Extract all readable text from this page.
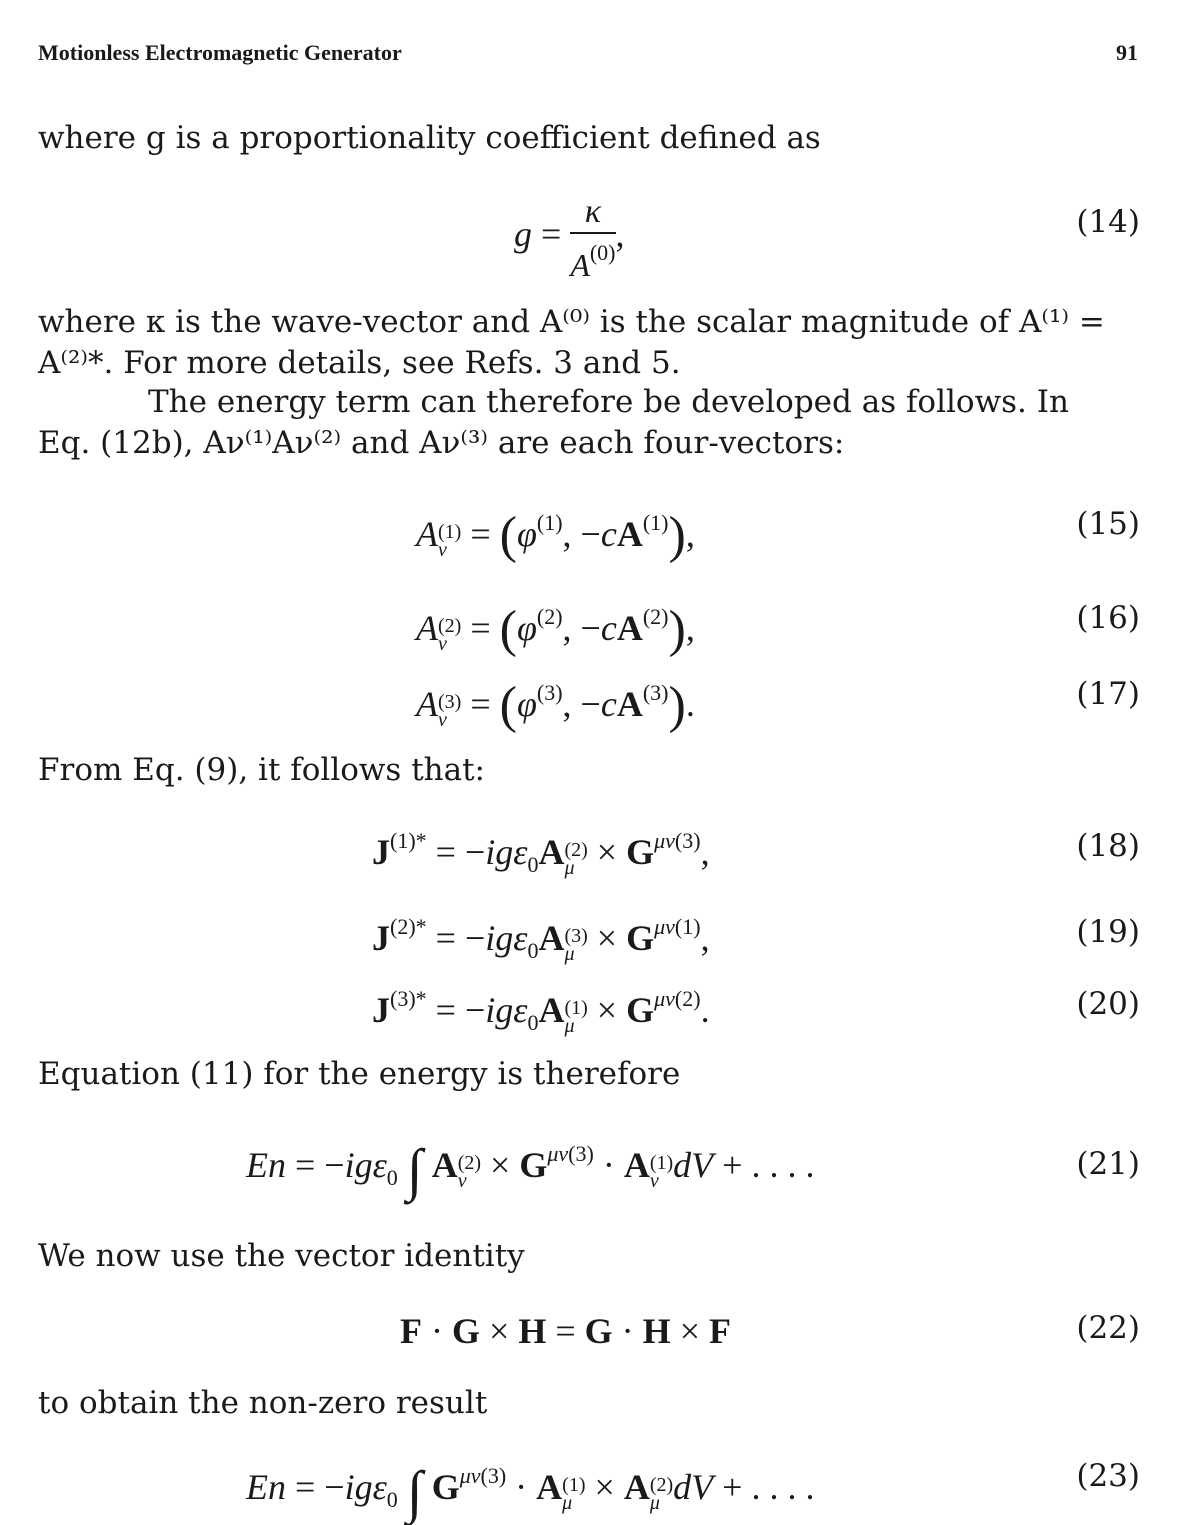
Motionless Electromagnetic Generator	91
where g is a proportionality coefficient defined as
$g = \frac{\kappa}{A^{(0)}}$ ,	(14)
where κ is the wave-vector and A⁽⁰⁾ is the scalar magnitude of A⁽¹⁾ =
A⁽²⁾*. For more details, see Refs. 3 and 5.
The energy term can therefore be developed as follows. In
Eq. (12b), Aν⁽¹⁾Aν⁽²⁾ and Aν⁽³⁾ are each four-vectors:
A (1)
$\nu = (\varphi^{(1)}$, $-cA^{(1)}$),	(15)
A (2)
$\nu = (\varphi^{(2)}$, $-cA^{(2)}$),	(16)
A (3)
$\nu = (\varphi^{(3)}$, $-cA^{(3)}$).	(17)
From Eq. (9), it follows that:
$J^{(1)*} = -ig\varepsilon_0A$ (2)
$\mu \times G^{\mu\nu(3)}$,	(18)
$J^{(2)*} = -ig\varepsilon_0A$ (3)
$\mu \times G^{\mu\nu(1)}$,	(19)
$J^{(3)*} = -ig\varepsilon_0A$ (1)
$\mu \times G^{\mu\nu(2)}$.	(20)
Equation (11) for the energy is therefore
En = −igε$_0$ ∫ A (2)
$\nu \times G^{\mu\nu(3)} \cdot A$ (1)
ν dV + . . . .	(21)
We now use the vector identity
F · G × H = G · H × F	(22)
to obtain the non-zero result
En = −igε$_0$ ∫ $G^{\mu\nu(3)} \cdot A$ (1)
μ × A (2)
μ dV + . . . .	(23)
